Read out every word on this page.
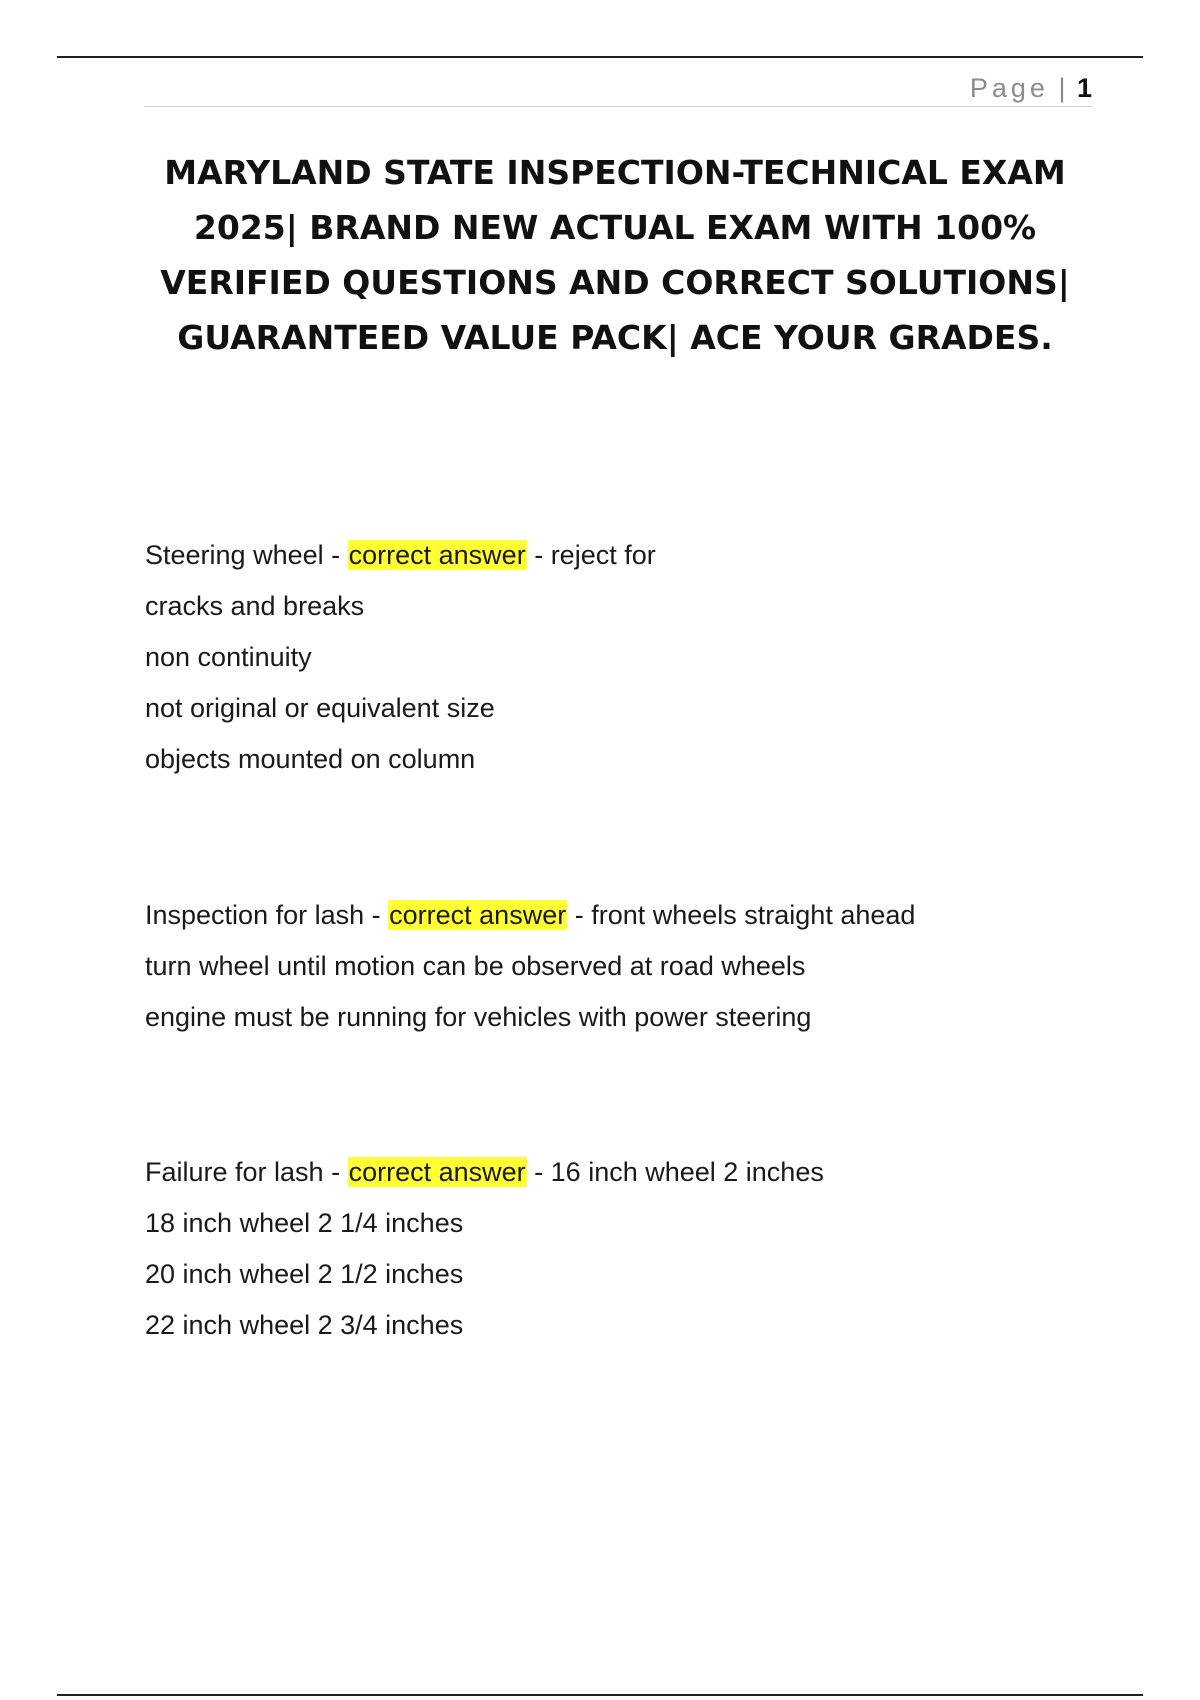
Page | 1
MARYLAND STATE INSPECTION-TECHNICAL EXAM 2025| BRAND NEW ACTUAL EXAM WITH 100% VERIFIED QUESTIONS AND CORRECT SOLUTIONS| GUARANTEED VALUE PACK| ACE YOUR GRADES.
Steering wheel - correct answer - reject for
cracks and breaks
non continuity
not original or equivalent size
objects mounted on column
Inspection for lash - correct answer - front wheels straight ahead
turn wheel until motion can be observed at road wheels
engine must be running for vehicles with power steering
Failure for lash - correct answer - 16 inch wheel 2 inches
18 inch wheel 2 1/4 inches
20 inch wheel 2 1/2 inches
22 inch wheel 2 3/4 inches
